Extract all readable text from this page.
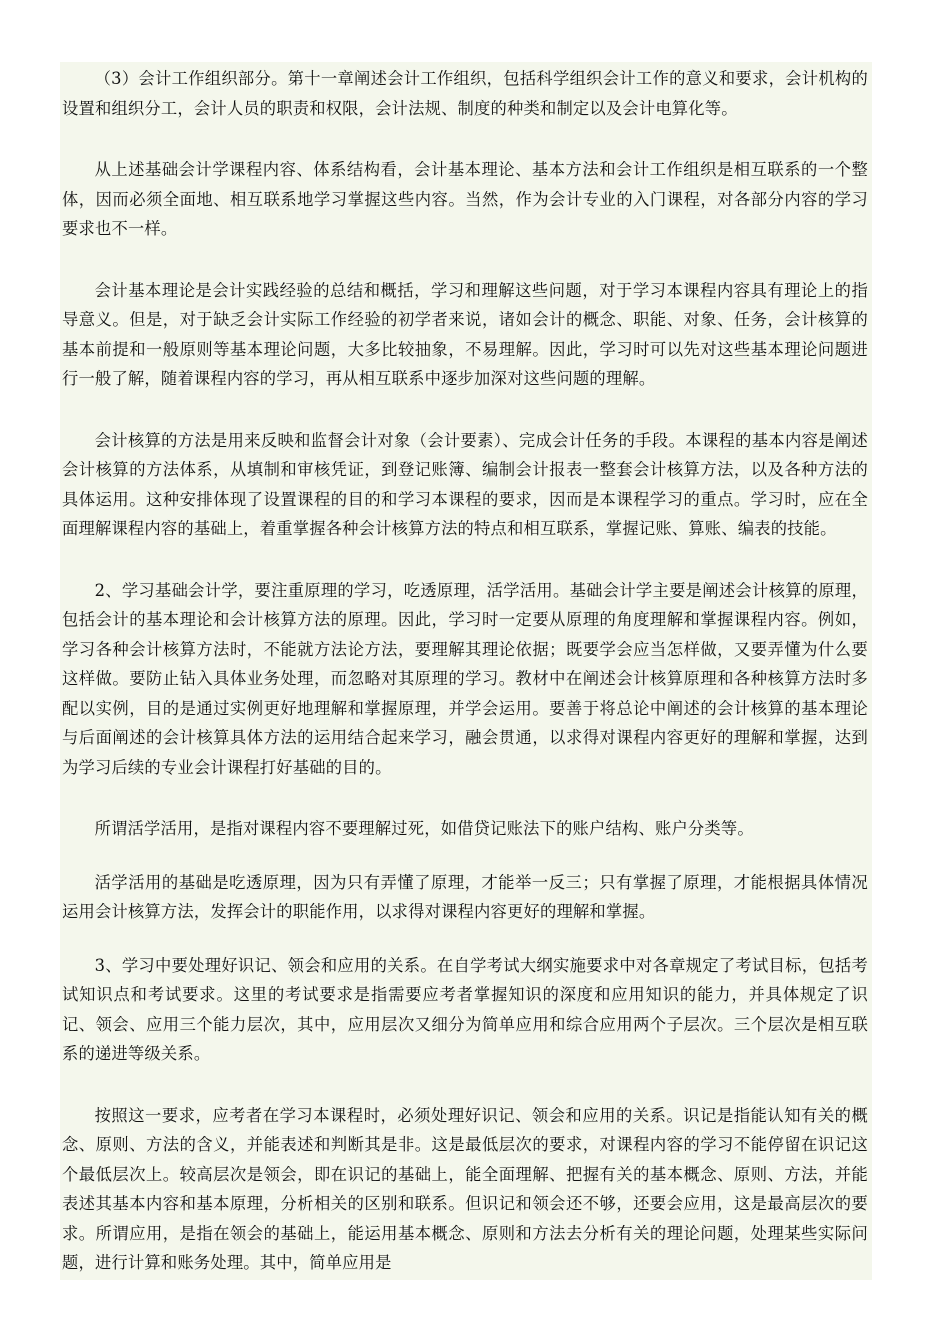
（3）会计工作组织部分。第十一章阐述会计工作组织，包括科学组织会计工作的意义和要求，会计机构的设置和组织分工，会计人员的职责和权限，会计法规、制度的种类和制定以及会计电算化等。

从上述基础会计学课程内容、体系结构看，会计基本理论、基本方法和会计工作组织是相互联系的一个整体，因而必须全面地、相互联系地学习掌握这些内容。当然，作为会计专业的入门课程，对各部分内容的学习要求也不一样。

会计基本理论是会计实践经验的总结和概括，学习和理解这些问题，对于学习本课程内容具有理论上的指导意义。但是，对于缺乏会计实际工作经验的初学者来说，诸如会计的概念、职能、对象、任务，会计核算的基本前提和一般原则等基本理论问题，大多比较抽象，不易理解。因此，学习时可以先对这些基本理论问题进行一般了解，随着课程内容的学习，再从相互联系中逐步加深对这些问题的理解。

会计核算的方法是用来反映和监督会计对象（会计要素）、完成会计任务的手段。本课程的基本内容是阐述会计核算的方法体系，从填制和审核凭证，到登记账簿、编制会计报表一整套会计核算方法，以及各种方法的具体运用。这种安排体现了设置课程的目的和学习本课程的要求，因而是本课程学习的重点。学习时，应在全面理解课程内容的基础上，着重掌握各种会计核算方法的特点和相互联系，掌握记账、算账、编表的技能。

2、学习基础会计学，要注重原理的学习，吃透原理，活学活用。基础会计学主要是阐述会计核算的原理，包括会计的基本理论和会计核算方法的原理。因此，学习时一定要从原理的角度理解和掌握课程内容。例如，学习各种会计核算方法时，不能就方法论方法，要理解其理论依据；既要学会应当怎样做，又要弄懂为什么要这样做。要防止钻入具体业务处理，而忽略对其原理的学习。教材中在阐述会计核算原理和各种核算方法时多配以实例，目的是通过实例更好地理解和掌握原理，并学会运用。要善于将总论中阐述的会计核算的基本理论与后面阐述的会计核算具体方法的运用结合起来学习，融会贯通，以求得对课程内容更好的理解和掌握，达到为学习后续的专业会计课程打好基础的目的。

所谓活学活用，是指对课程内容不要理解过死，如借贷记账法下的账户结构、账户分类等。

活学活用的基础是吃透原理，因为只有弄懂了原理，才能举一反三；只有掌握了原理，才能根据具体情况运用会计核算方法，发挥会计的职能作用，以求得对课程内容更好的理解和掌握。

3、学习中要处理好识记、领会和应用的关系。在自学考试大纲实施要求中对各章规定了考试目标，包括考试知识点和考试要求。这里的考试要求是指需要应考者掌握知识的深度和应用知识的能力，并具体规定了识记、领会、应用三个能力层次，其中，应用层次又细分为简单应用和综合应用两个子层次。三个层次是相互联系的递进等级关系。

按照这一要求，应考者在学习本课程时，必须处理好识记、领会和应用的关系。识记是指能认知有关的概念、原则、方法的含义，并能表述和判断其是非。这是最低层次的要求，对课程内容的学习不能停留在识记这个最低层次上。较高层次是领会，即在识记的基础上，能全面理解、把握有关的基本概念、原则、方法，并能表述其基本内容和基本原理，分析相关的区别和联系。但识记和领会还不够，还要会应用，这是最高层次的要求。所谓应用，是指在领会的基础上，能运用基本概念、原则和方法去分析有关的理论问题，处理某些实际问题，进行计算和账务处理。其中，简单应用是
